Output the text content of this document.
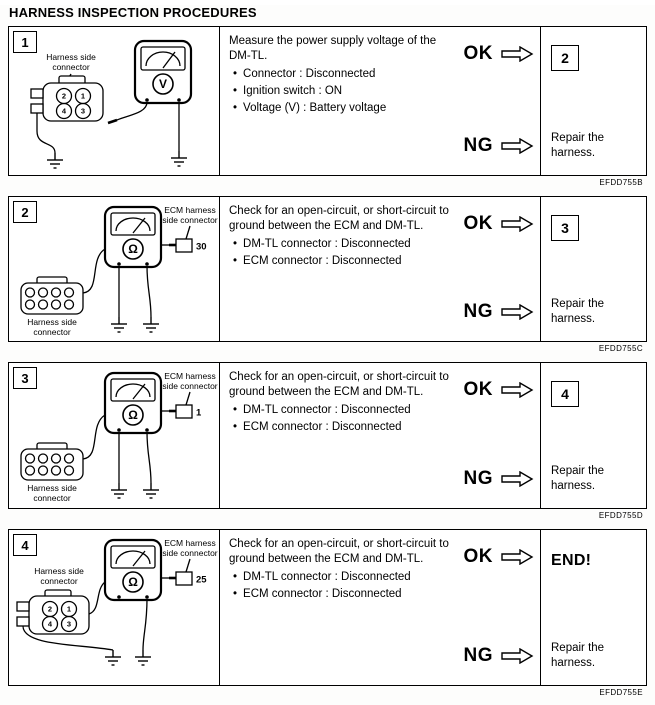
HARNESS INSPECTION PROCEDURES
1
Harness side
connector
2 1
4 3
V
Measure the power supply voltage of the DM-TL.
• Connector : Disconnected
• Ignition switch : ON
• Voltage (V) : Battery voltage
OK
NG
2
Repair the harness.
EFDD755B
2	ECM harness
side connector
30
Harness side
connector
Ω
Check for an open-circuit, or short-circuit to ground between the ECM and DM-TL.
• DM-TL connector : Disconnected
• ECM connector : Disconnected
OK
NG
3
Repair the harness.
EFDD755C
3	ECM harness
side connector
1
Harness side
connector
Ω
Check for an open-circuit, or short-circuit to ground between the ECM and DM-TL.
• DM-TL connector : Disconnected
• ECM connector : Disconnected
OK
NG
4
Repair the harness.
EFDD755D
4
Harness side
connector
2 1
4 3
ECM harness
side connector
25
Ω
Check for an open-circuit, or short-circuit to ground between the ECM and DM-TL.
• DM-TL connector : Disconnected
• ECM connector : Disconnected
OK
NG
END!
Repair the harness.
EFDD755E
